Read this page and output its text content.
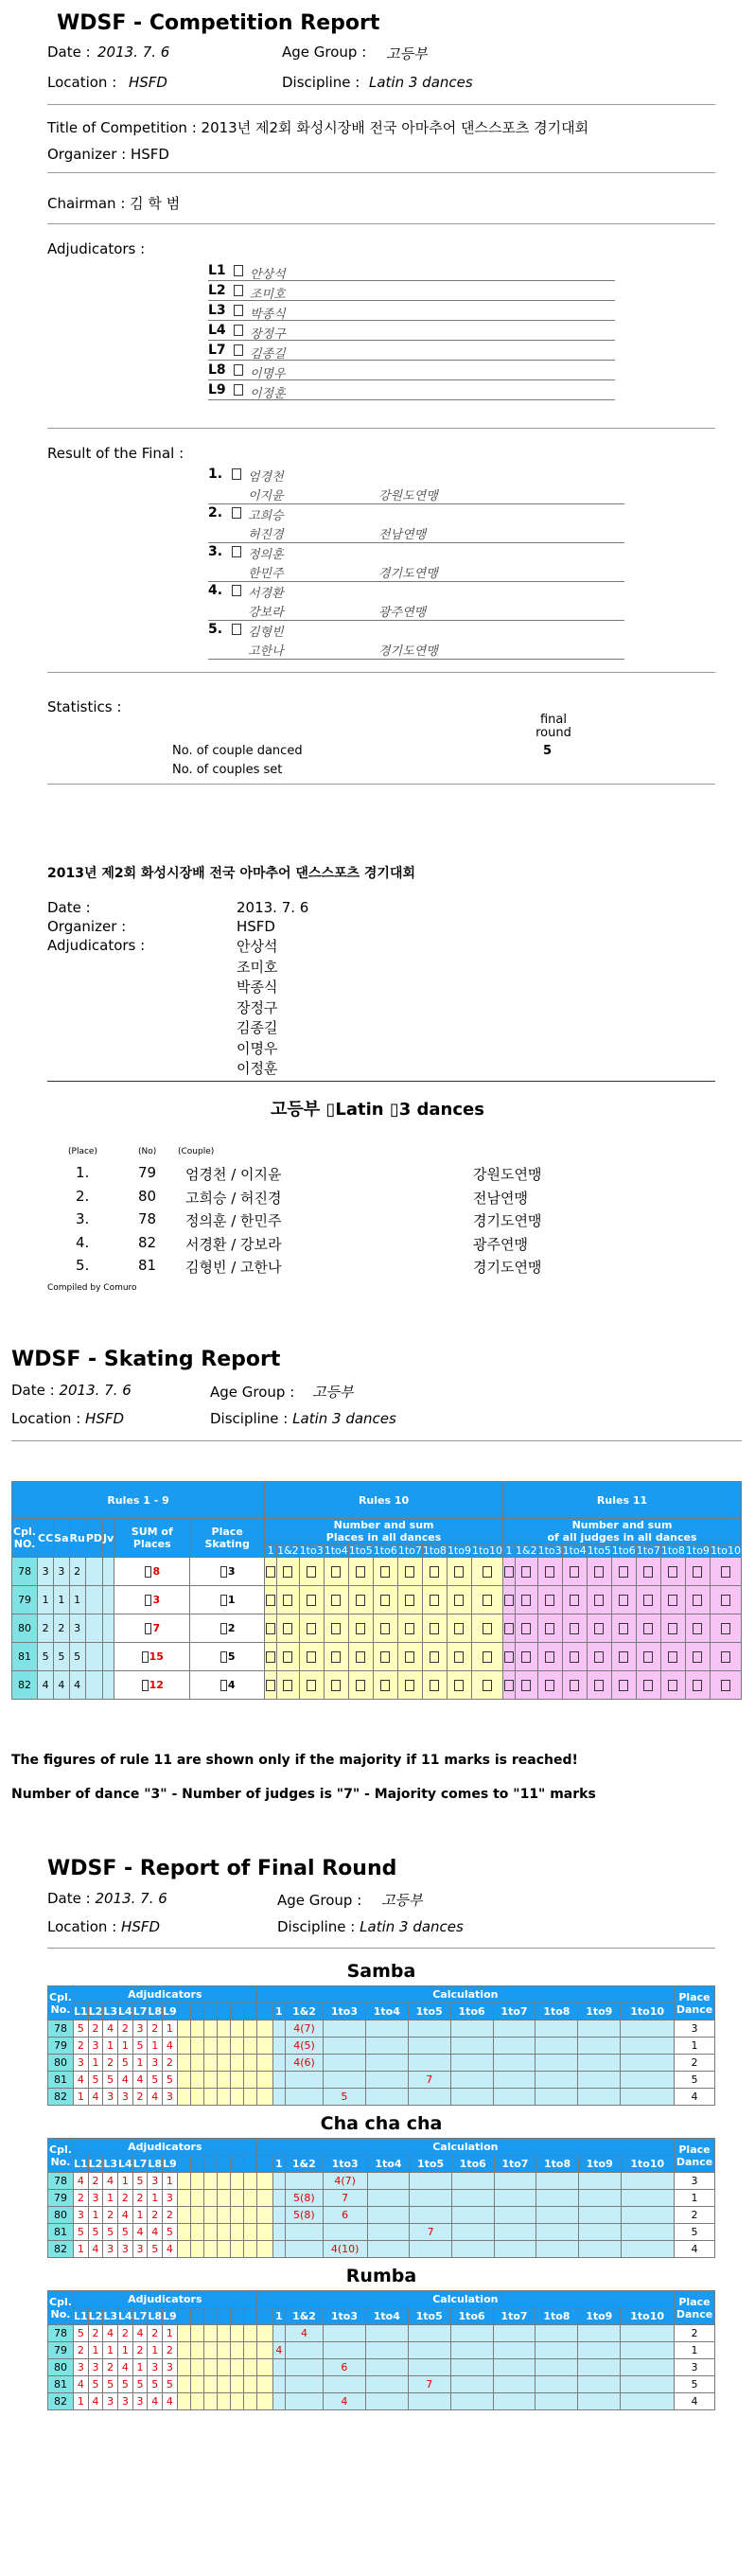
WDSF - Competition Report
Date : 2013. 7. 6	Age Group : 고등부
Location : HSFD	Discipline : Latin 3 dances
Title of Competition : 2013년 제2회 화성시장배 전국 아마추어 댄스스포츠 경기대회
Organizer : HSFD
Chairman : 김 학 범
Adjudicators :
L1 안상석
L2 조미호
L3 박종식
L4 장정구
L7 김종길
L8 이명우
L9 이정훈
Result of the Final :
1. 엄경천
이지윤	강원도연맹
2. 고희승
허진경	전남연맹
3. 정의훈
한민주	경기도연맹
4. 서경환
강보라	광주연맹
5. 김형빈
고한나	경기도연맹
Statistics :
final round
No. of couple danced	5
No. of couples set
2013년 제2회 화성시장배 전국 아마추어 댄스스포츠 경기대회
Date :	2013. 7. 6
Organizer :	HSFD
Adjudicators :	안상석
조미호
박종식
장정구
김종길
이명우
이정훈
고등부 ▯Latin ▯3 dances
(Place)	(No)	(Couple)
1.	79 엄경천 / 이지윤	강원도연맹
2.	80 고희승 / 허진경	전남연맹
3.	78 정의훈 / 한민주	경기도연맹
4.	82 서경환 / 강보라	광주연맹
5.	81 김형빈 / 고한나	경기도연맹
Compiled by Comuro
WDSF - Skating Report
Date : 2013. 7. 6	Age Group : 고등부
Location : HSFD	Discipline : Latin 3 dances
Rules 1 - 9								Rules 10										Rules 11									
Cpl. NO.	CC	Sa	Ru	PD	Jv	SUM of Places	Place Skating	Number and sum
Places in all dances										Number and sum
of all judges in all dances									
								1	1&2	1to3	1to4	1to5	1to6	1to7	1to8	1to9	1to10	1	1&2	1to3	1to4	1to5	1to6	1to7	1to8	1to9	1to10
78	3	3	2			8	3																				
79	1	1	1			3	1																				
80	2	2	3			7	2																				
81	5	5	5			15	5																				
82	4	4	4			12	4																				
The figures of rule 11 are shown only if the majority if 11 marks is reached!
Number of dance "3" - Number of judges is "7" - Majority comes to "11" marks
WDSF - Report of Final Round
Date : 2013. 7. 6	Age Group : 고등부
Location : HSFD	Discipline : Latin 3 dances
Samba
Cpl. No.	Adjudicators													Calculation											Place Dance
	L1	L2	L3	L4	L7	L8	L9								1	1&2	1to3	1to4	1to5	1to6	1to7	1to8	1to9	1to10	
78	5	2	4	2	3	2	1									4(7)									3
79	2	3	1	1	5	1	4									4(5)									1
80	3	1	2	5	1	3	2									4(6)									2
81	4	5	5	4	4	5	5												7						5
82	1	4	3	3	2	4	3										5								4
Cha cha cha
Cpl. No.	Adjudicators													Calculation											Place Dance
	L1	L2	L3	L4	L7	L8	L9								1	1&2	1to3	1to4	1to5	1to6	1to7	1to8	1to9	1to10	
78	4	2	4	1	5	3	1										4(7)								3
79	2	3	1	2	2	1	3									5(8)	7								1
80	3	1	2	4	1	2	2									5(8)	6								2
81	5	5	5	5	4	4	5												7						5
82	1	4	3	3	3	5	4										4(10)								4
Rumba
Cpl. No.	Adjudicators													Calculation											Place Dance
	L1	L2	L3	L4	L7	L8	L9								1	1&2	1to3	1to4	1to5	1to6	1to7	1to8	1to9	1to10	
78	5	2	4	2	4	2	1									4									2
79	2	1	1	1	2	1	2								4										1
80	3	3	2	4	1	3	3										6								3
81	4	5	5	5	5	5	5												7						5
82	1	4	3	3	3	4	4										4								4
